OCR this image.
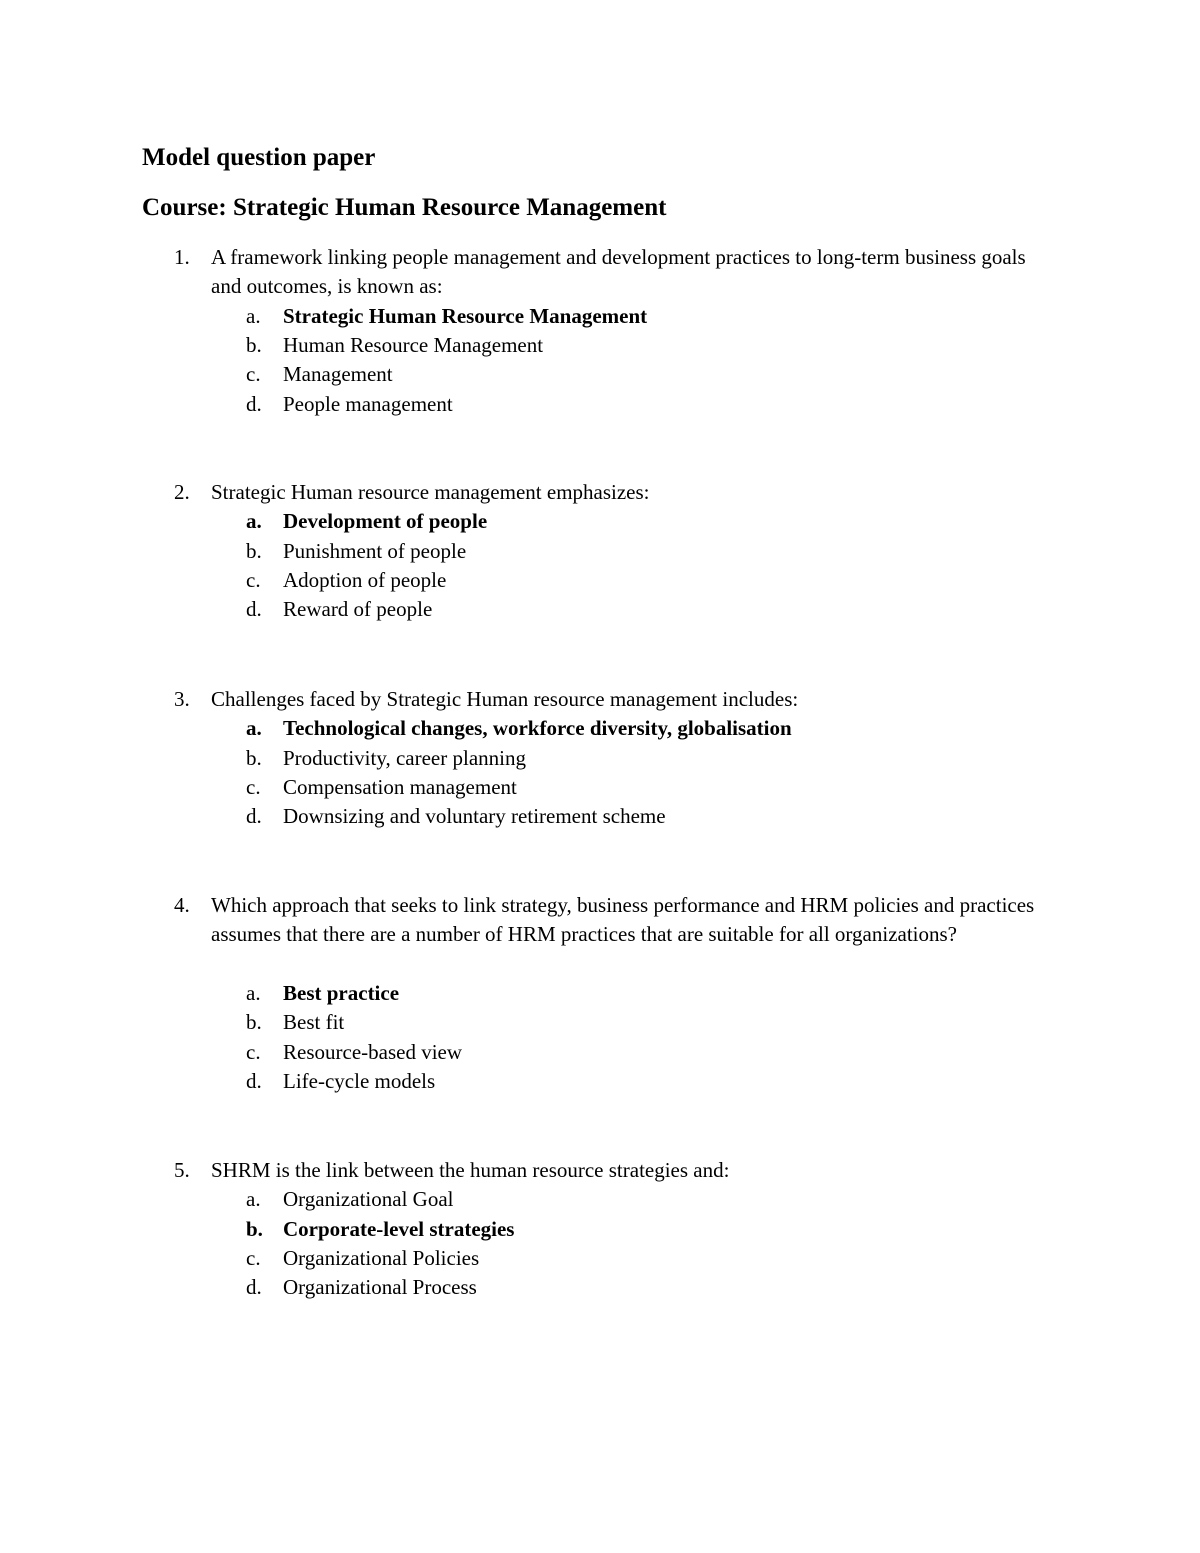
Model question paper
Course: Strategic Human Resource Management
1. A framework linking people management and development practices to long-term business goals and outcomes, is known as:
a. Strategic Human Resource Management
b. Human Resource Management
c. Management
d. People management
2. Strategic Human resource management emphasizes:
a. Development of people
b. Punishment of people
c. Adoption of people
d. Reward of people
3. Challenges faced by Strategic Human resource management includes:
a. Technological changes, workforce diversity, globalisation
b. Productivity, career planning
c. Compensation management
d. Downsizing and voluntary retirement scheme
4. Which approach that seeks to link strategy, business performance and HRM policies and practices assumes that there are a number of HRM practices that are suitable for all organizations?
a. Best practice
b. Best fit
c. Resource-based view
d. Life-cycle models
5. SHRM is the link between the human resource strategies and:
a. Organizational Goal
b. Corporate-level strategies
c. Organizational Policies
d. Organizational Process
